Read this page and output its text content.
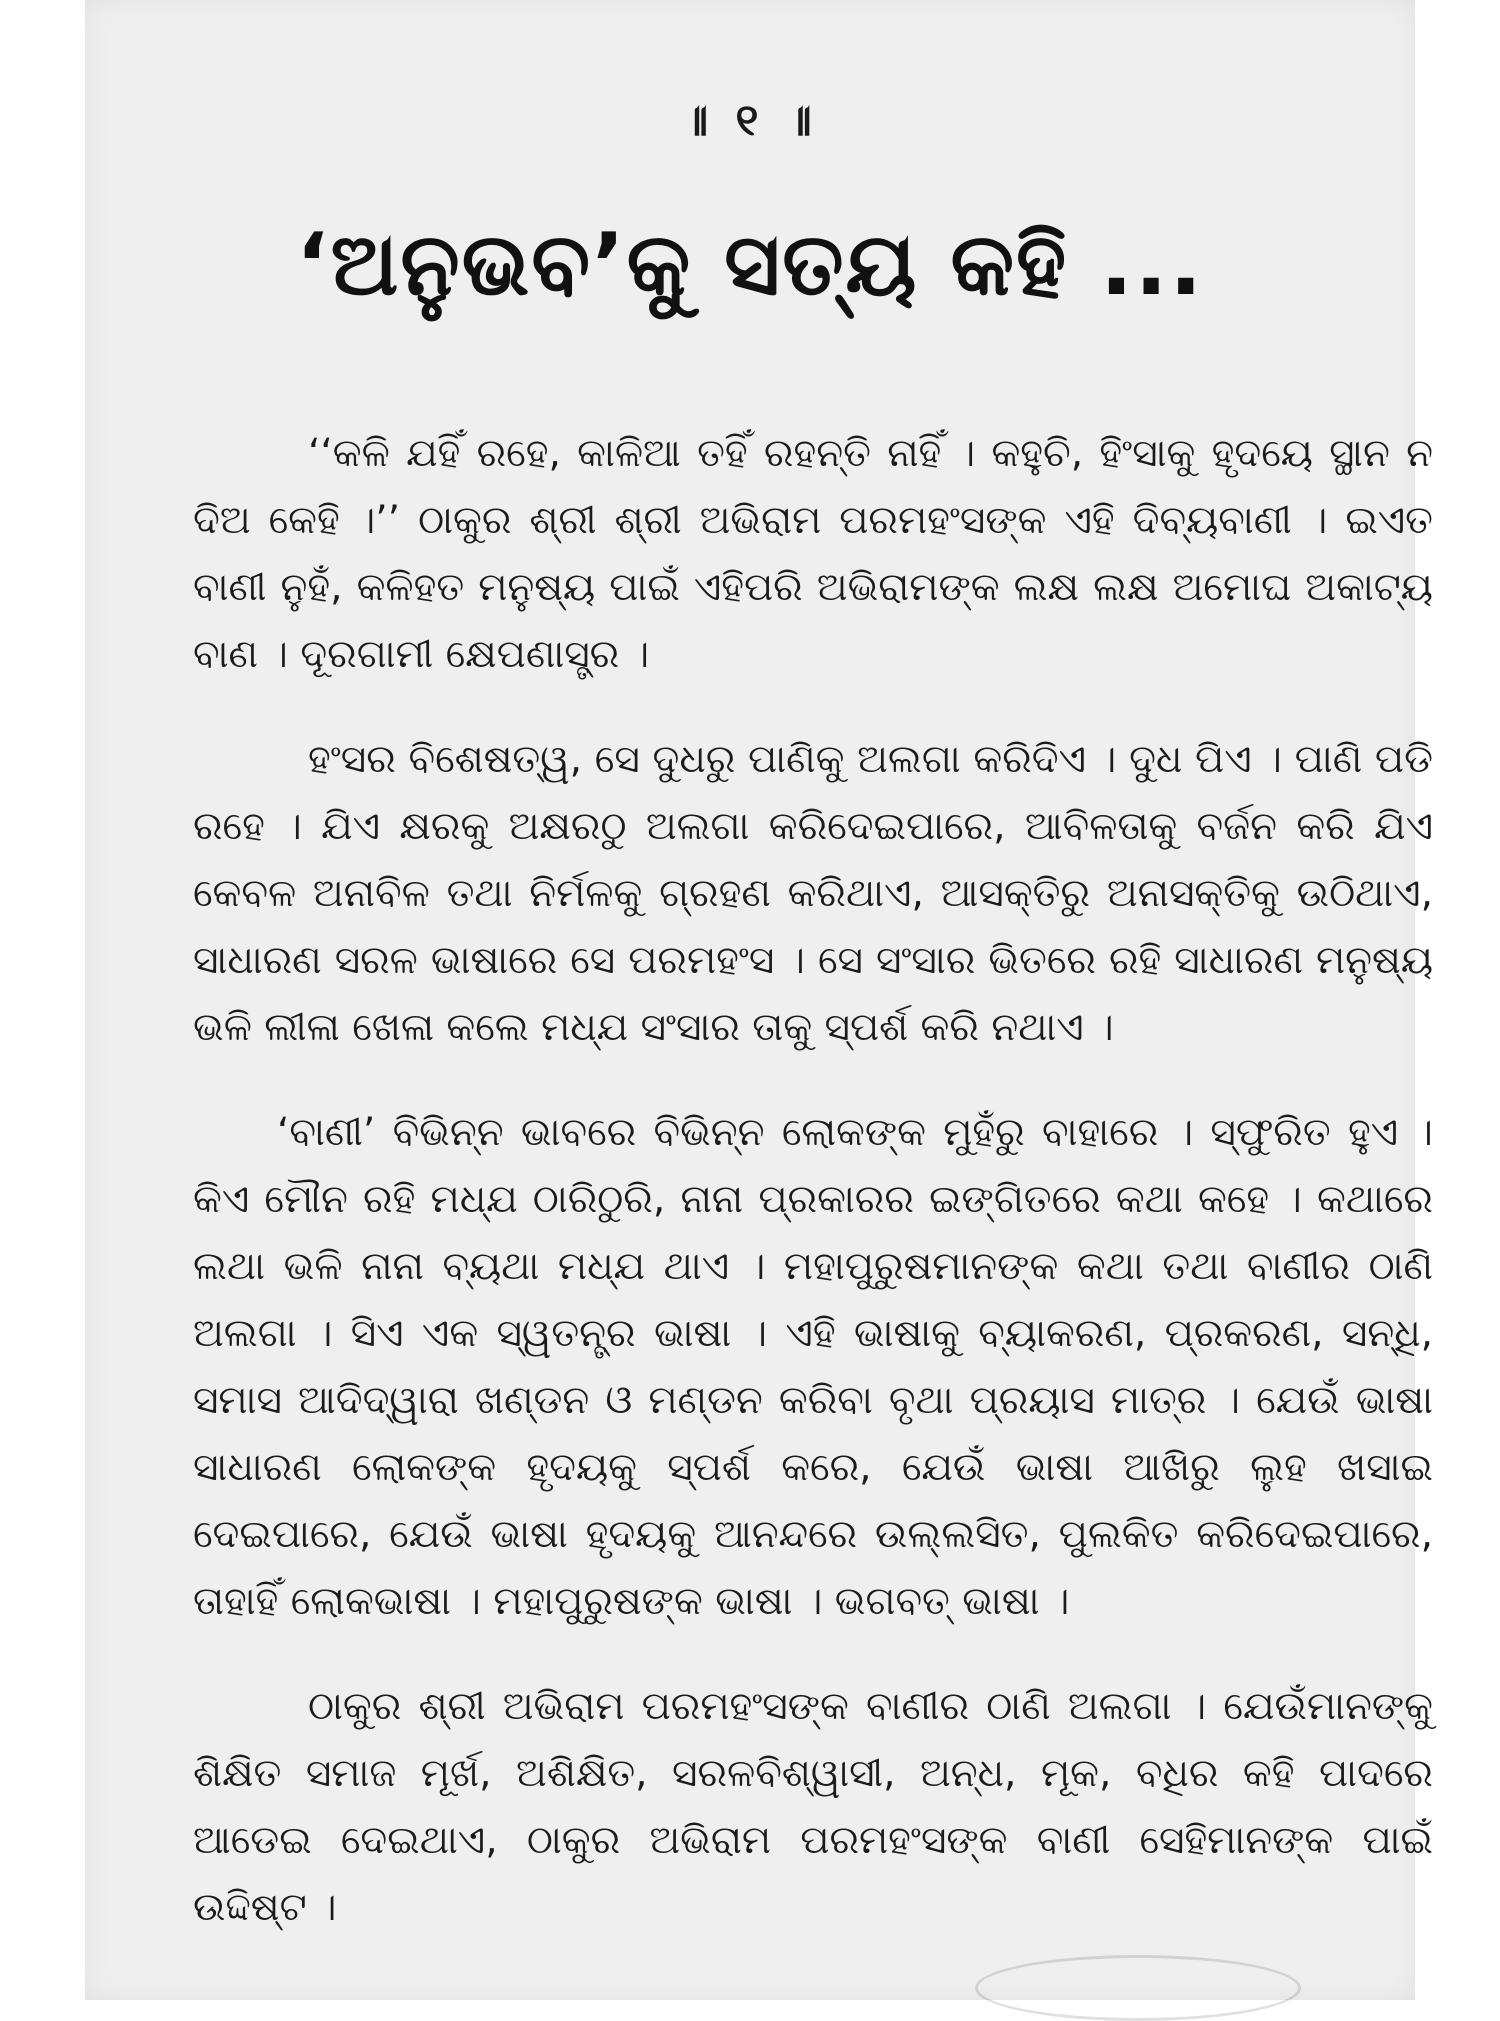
॥ ୧ ॥
‘ଅନୁଭବ’କୁ ସତ୍ୟ କହି ...

‘‘କଳି ଯହିଁ ରହେ, କାଳିଆ ତହିଁ ରହନ୍ତି ନାହିଁ । କହୁଚି, ହିଂସାକୁ ହୃଦୟେ ସ୍ଥାନ ନ ଦିଅ କେହି ।’’ ଠାକୁର ଶ୍ରୀ ଶ୍ରୀ ଅଭିରାମ ପରମହଂସଙ୍କ ଏହି ଦିବ୍ୟବାଣୀ । ଇଏତ ବାଣୀ ନୁହଁ, କଳିହତ ମନୁଷ୍ୟ ପାଇଁ ଏହିପରି ଅଭିରାମଙ୍କ ଲକ୍ଷ ଲକ୍ଷ ଅମୋଘ ଅକାଟ୍ୟ ବାଣ । ଦୂରଗାମୀ କ୍ଷେପଣାସ୍ତ୍ର ।

ହଂସର ବିଶେଷତ୍ୱ, ସେ ଦୁଧରୁ ପାଣିକୁ ଅଲଗା କରିଦିଏ । ଦୁଧ ପିଏ । ପାଣି ପଡି ରହେ । ଯିଏ କ୍ଷରକୁ ଅକ୍ଷରଠୁ ଅଲଗା କରିଦେଇପାରେ, ଆବିଳତାକୁ ବର୍ଜନ କରି ଯିଏ କେବଳ ଅନାବିଳ ତଥା ନିର୍ମଳକୁ ଗ୍ରହଣ କରିଥାଏ, ଆସକ୍ତିରୁ ଅନାସକ୍ତିକୁ ଉଠିଥାଏ, ସାଧାରଣ ସରଳ ଭାଷାରେ ସେ ପରମହଂସ । ସେ ସଂସାର ଭିତରେ ରହି ସାଧାରଣ ମନୁଷ୍ୟ ଭଳି ଲୀଳା ଖେଳା କଲେ ମଧ୍ଯ ସଂସାର ତାକୁ ସ୍ପର୍ଶ କରି ନଥାଏ ।

‘ବାଣୀ’ ବିଭିନ୍ନ ଭାବରେ ବିଭିନ୍ନ ଲୋକଙ୍କ ମୁହଁରୁ ବାହାରେ । ସ୍ଫୁରିତ ହୁଏ । କିଏ ମୌନ ରହି ମଧ୍ଯ ଠାରିଠୁରି, ନାନା ପ୍ରକାରର ଇଙ୍ଗିତରେ କଥା କହେ । କଥାରେ ଲଥା ଭଳି ନାନା ବ୍ୟଥା ମଧ୍ଯ ଥାଏ । ମହାପୁରୁଷମାନଙ୍କ କଥା ତଥା ବାଣୀର ଠାଣି ଅଲଗା । ସିଏ ଏକ ସ୍ୱତନ୍ତ୍ର ଭାଷା । ଏହି ଭାଷାକୁ ବ୍ୟାକରଣ, ପ୍ରକରଣ, ସନ୍ଧି, ସମାସ ଆଦିଦ୍ୱାରା ଖଣ୍ଡନ ଓ ମଣ୍ଡନ କରିବା ବୃଥା ପ୍ରୟାସ ମାତ୍ର । ଯେଉଁ ଭାଷା ସାଧାରଣ ଲୋକଙ୍କ ହୃଦୟକୁ ସ୍ପର୍ଶ କରେ, ଯେଉଁ ଭାଷା ଆଖିରୁ ଲୁହ ଖସାଇ ଦେଇପାରେ, ଯେଉଁ ଭାଷା ହୃଦୟକୁ ଆନନ୍ଦରେ ଉଲ୍ଲସିତ, ପୁଲକିତ କରିଦେଇପାରେ, ତାହାହିଁ ଲୋକଭାଷା । ମହାପୁରୁଷଙ୍କ ଭାଷା । ଭଗବତ୍ ଭାଷା ।

ଠାକୁର ଶ୍ରୀ ଅଭିରାମ ପରମହଂସଙ୍କ ବାଣୀର ଠାଣି ଅଲଗା । ଯେଉଁମାନଙ୍କୁ ଶିକ୍ଷିତ ସମାଜ ମୂର୍ଖ, ଅଶିକ୍ଷିତ, ସରଳବିଶ୍ୱାସୀ, ଅନ୍ଧ, ମୂକ, ବଧିର କହି ପାଦରେ ଆଡେଇ ଦେଇଥାଏ, ଠାକୁର ଅଭିରାମ ପରମହଂସଙ୍କ ବାଣୀ ସେହିମାନଙ୍କ ପାଇଁ ଉଦ୍ଦିଷ୍ଟ ।
